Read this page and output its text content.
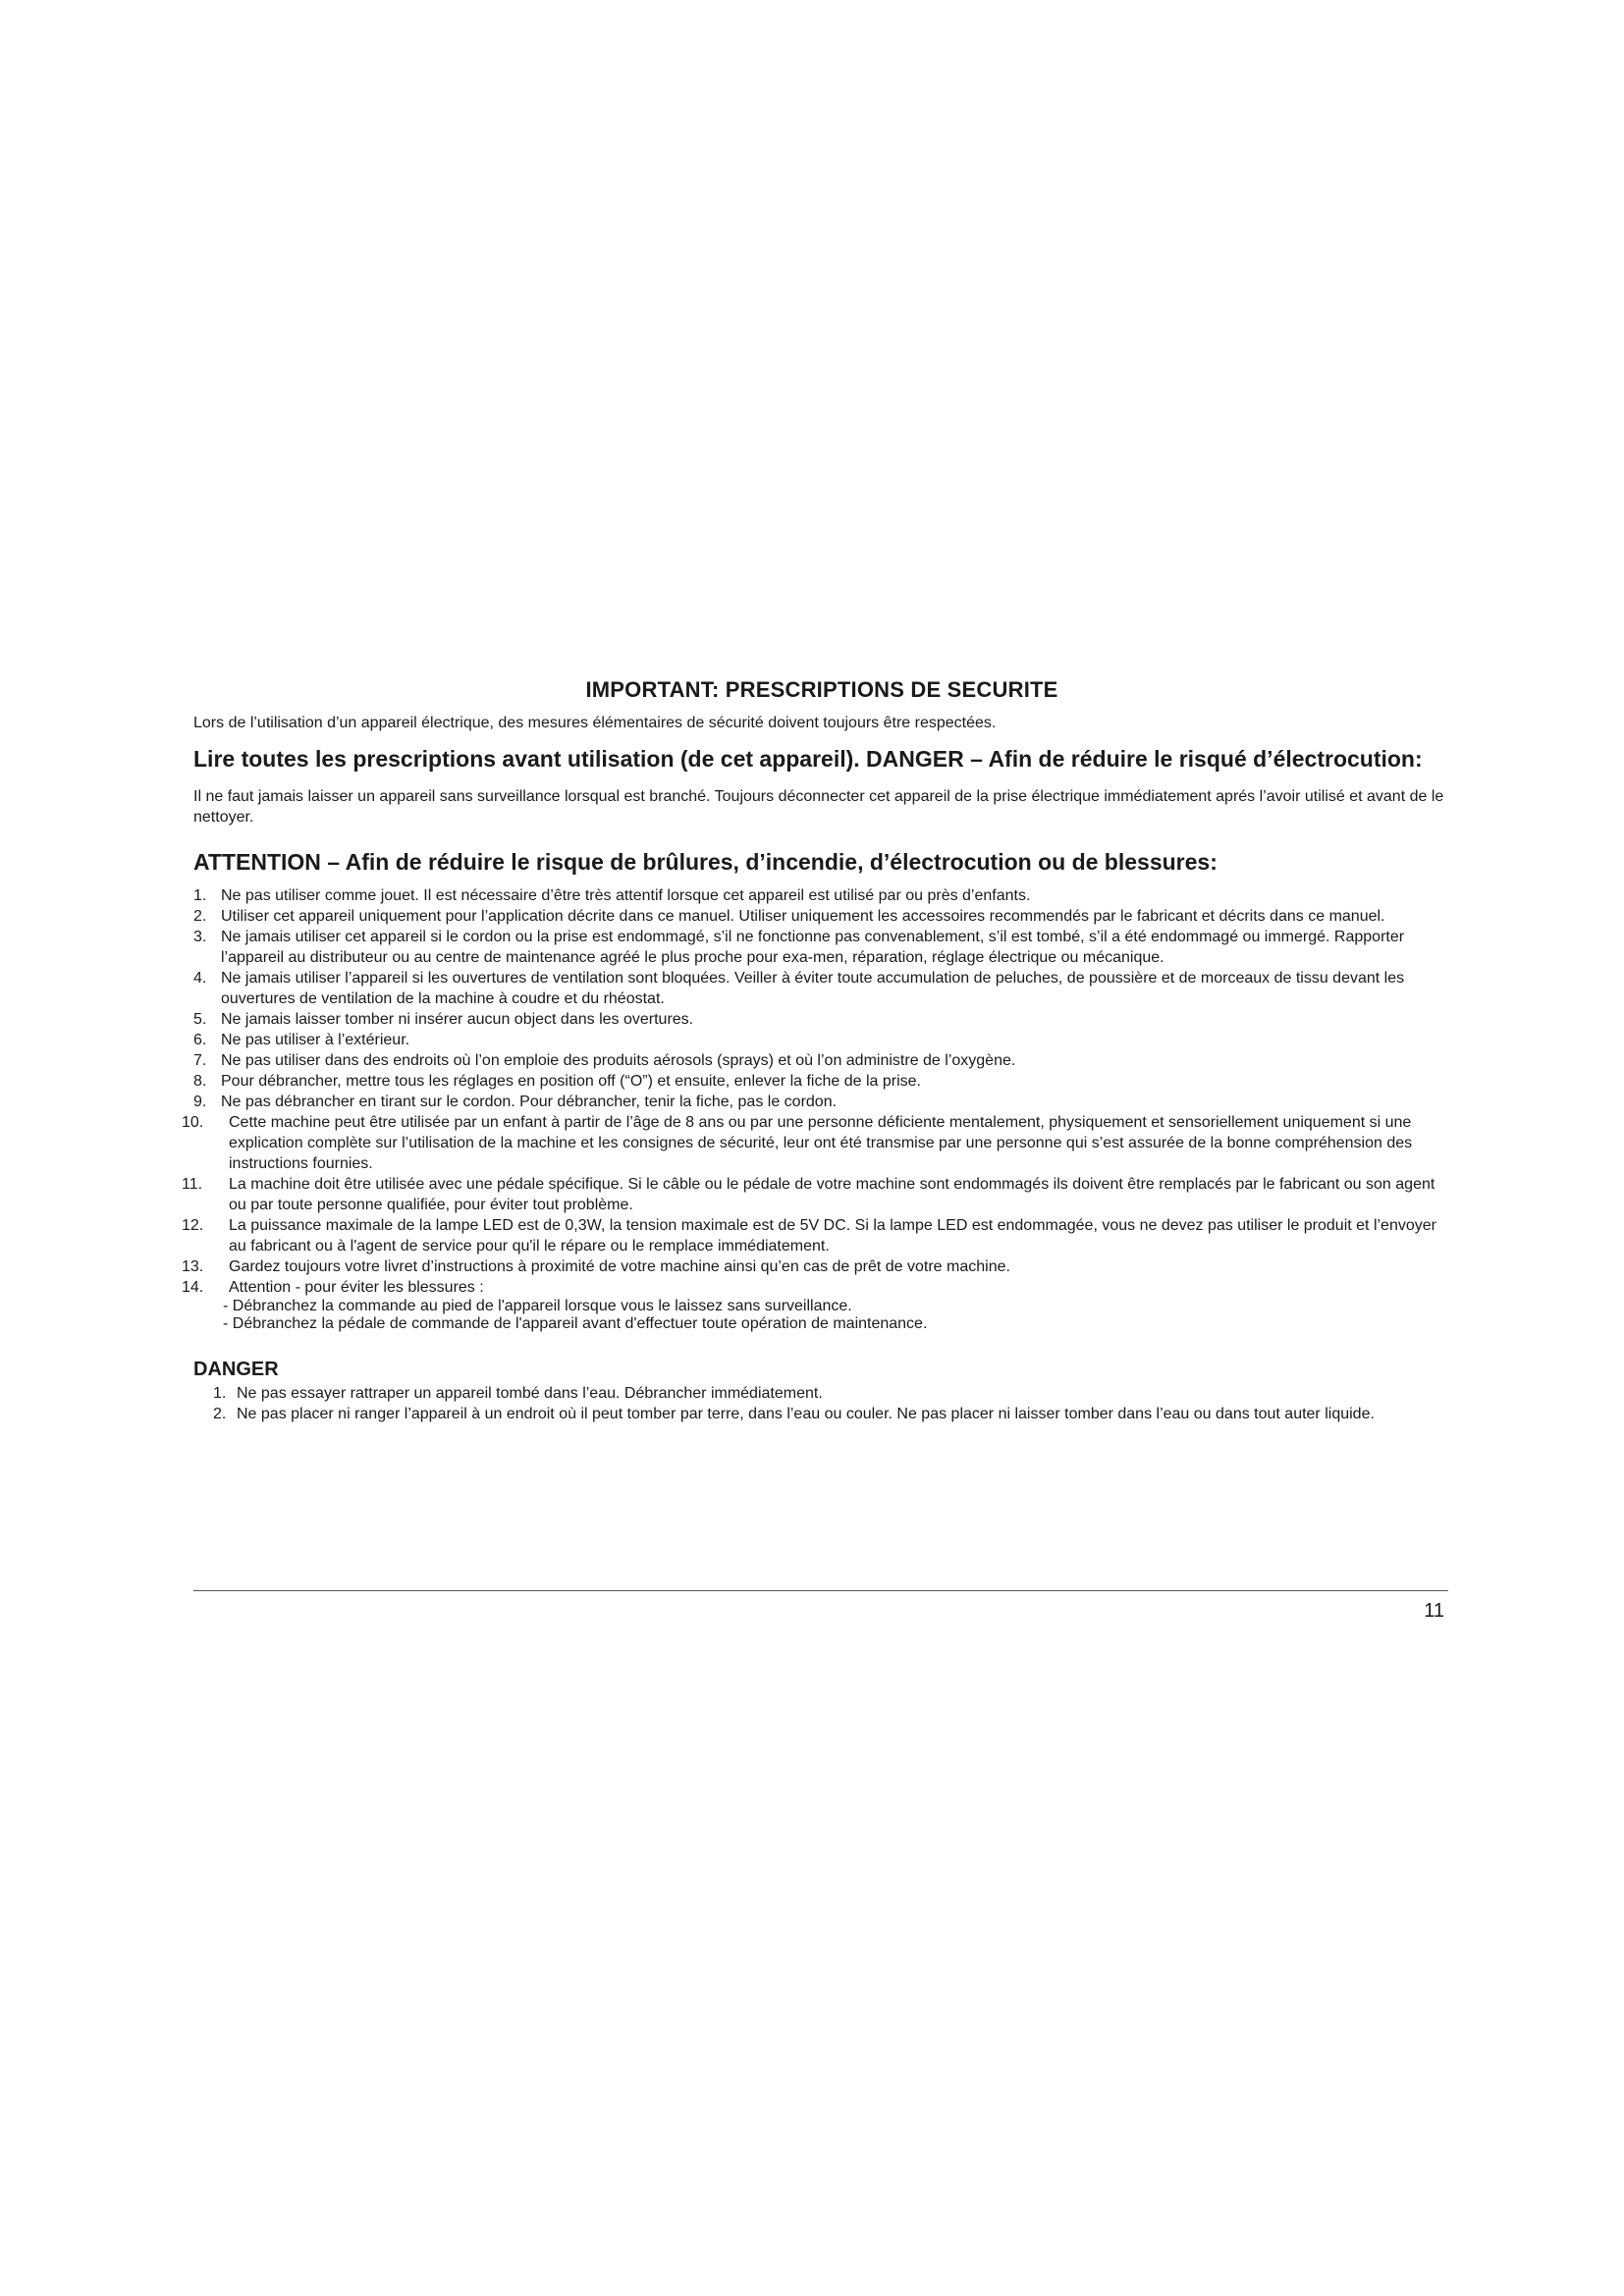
IMPORTANT: PRESCRIPTIONS DE SECURITE
Lors de l’utilisation d’un appareil électrique, des mesures élémentaires de sécurité doivent toujours être respectées.
Lire toutes les prescriptions avant utilisation (de cet appareil). DANGER – Afin de réduire le risqué d’électrocution:
Il ne faut jamais laisser un appareil sans surveillance lorsqual est branché. Toujours déconnecter cet appareil de la prise électrique immédiatement aprés l’avoir utilisé et avant de le nettoyer.
ATTENTION – Afin de réduire le risque de brûlures, d’incendie, d’électrocution ou de blessures:
1. Ne pas utiliser comme jouet. Il est nécessaire d’être très attentif lorsque cet appareil est utilisé par ou près d’enfants.
2. Utiliser cet appareil uniquement pour l’application décrite dans ce manuel. Utiliser uniquement les accessoires recommendés par le fabricant et décrits dans ce manuel.
3. Ne jamais utiliser cet appareil si le cordon ou la prise est endommagé, s’il ne fonctionne pas convenablement, s’il est tombé, s’il a été endommagé ou immergé. Rapporter l’appareil au distributeur ou au centre de maintenance agréé le plus proche pour exa-men, réparation, réglage électrique ou mécanique.
4. Ne jamais utiliser l’appareil si les ouvertures de ventilation sont bloquées. Veiller à éviter toute accumulation de peluches, de poussière et de morceaux de tissu devant les ouvertures de ventilation de la machine à coudre et du rhéostat.
5. Ne jamais laisser tomber ni insérer aucun object dans les overtures.
6. Ne pas utiliser à l’extérieur.
7. Ne pas utiliser dans des endroits où l’on emploie des produits aérosols (sprays) et où l’on administre de l’oxygène.
8. Pour débrancher, mettre tous les réglages en position off (“O”) et ensuite, enlever la fiche de la prise.
9. Ne pas débrancher en tirant sur le cordon. Pour débrancher, tenir la fiche, pas le cordon.
10. Cette machine peut être utilisée par un enfant à partir de l’âge de 8 ans ou par une personne déficiente mentalement, physiquement et sensoriellement uniquement si une explication complète sur l’utilisation de la machine et les consignes de sécurité, leur ont été transmise par une personne qui s’est assurée de la bonne compréhension des instructions fournies.
11. La machine doit être utilisée avec une pédale spécifique. Si le câble ou le pédale de votre machine sont endommagés ils doivent être remplacés par le fabricant ou son agent ou par toute personne qualifiée, pour éviter tout problème.
12. La puissance maximale de la lampe LED est de 0,3W, la tension maximale est de 5V DC. Si la lampe LED est endommagée, vous ne devez pas utiliser le produit et l’envoyer au fabricant ou à l'agent de service pour qu'il le répare ou le remplace immédiatement.
13. Gardez toujours votre livret d’instructions à proximité de votre machine ainsi qu’en cas de prêt de votre machine.
14. Attention - pour éviter les blessures :
- Débranchez la commande au pied de l'appareil lorsque vous le laissez sans surveillance.
- Débranchez la pédale de commande de l'appareil avant d'effectuer toute opération de maintenance.
DANGER
1. Ne pas essayer rattraper un appareil tombé dans l’eau. Débrancher immédiatement.
2. Ne pas placer ni ranger l’appareil à un endroit où il peut tomber par terre, dans l’eau ou couler. Ne pas placer ni laisser tomber dans l’eau ou dans tout auter liquide.
11
